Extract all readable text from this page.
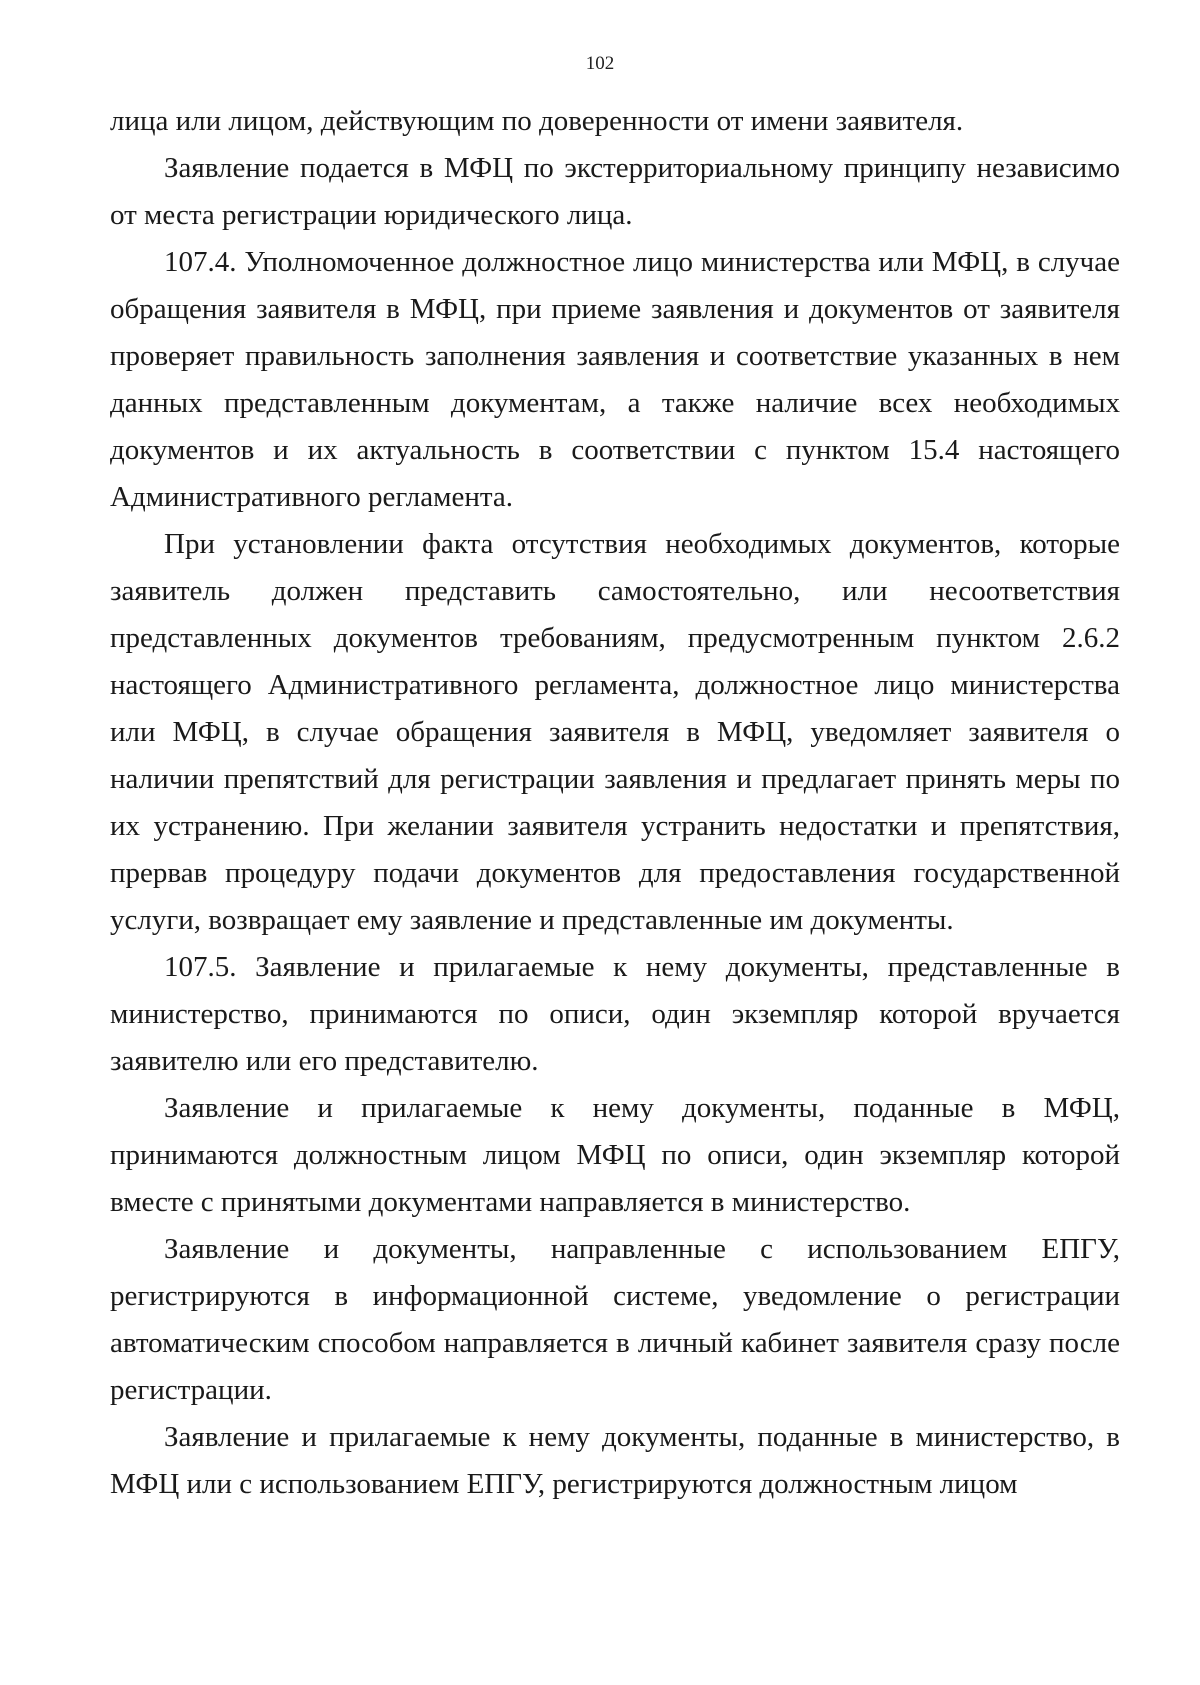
102

лица или лицом, действующим по доверенности от имени заявителя.

Заявление подается в МФЦ по экстерриториальному принципу независимо от места регистрации юридического лица.

107.4. Уполномоченное должностное лицо министерства или МФЦ, в случае обращения заявителя в МФЦ, при приеме заявления и документов от заявителя проверяет правильность заполнения заявления и соответствие указанных в нем данных представленным документам, а также наличие всех необходимых документов и их актуальность в соответствии с пунктом 15.4 настоящего Административного регламента.

При установлении факта отсутствия необходимых документов, которые заявитель должен представить самостоятельно, или несоответствия представленных документов требованиям, предусмотренным пунктом 2.6.2 настоящего Административного регламента, должностное лицо министерства или МФЦ, в случае обращения заявителя в МФЦ, уведомляет заявителя о наличии препятствий для регистрации заявления и предлагает принять меры по их устранению. При желании заявителя устранить недостатки и препятствия, прервав процедуру подачи документов для предоставления государственной услуги, возвращает ему заявление и представленные им документы.

107.5. Заявление и прилагаемые к нему документы, представленные в министерство, принимаются по описи, один экземпляр которой вручается заявителю или его представителю.

Заявление и прилагаемые к нему документы, поданные в МФЦ, принимаются должностным лицом МФЦ по описи, один экземпляр которой вместе с принятыми документами направляется в министерство.

Заявление и документы, направленные с использованием ЕПГУ, регистрируются в информационной системе, уведомление о регистрации автоматическим способом направляется в личный кабинет заявителя сразу после регистрации.

Заявление и прилагаемые к нему документы, поданные в министерство, в МФЦ или с использованием ЕПГУ, регистрируются должностным лицом
